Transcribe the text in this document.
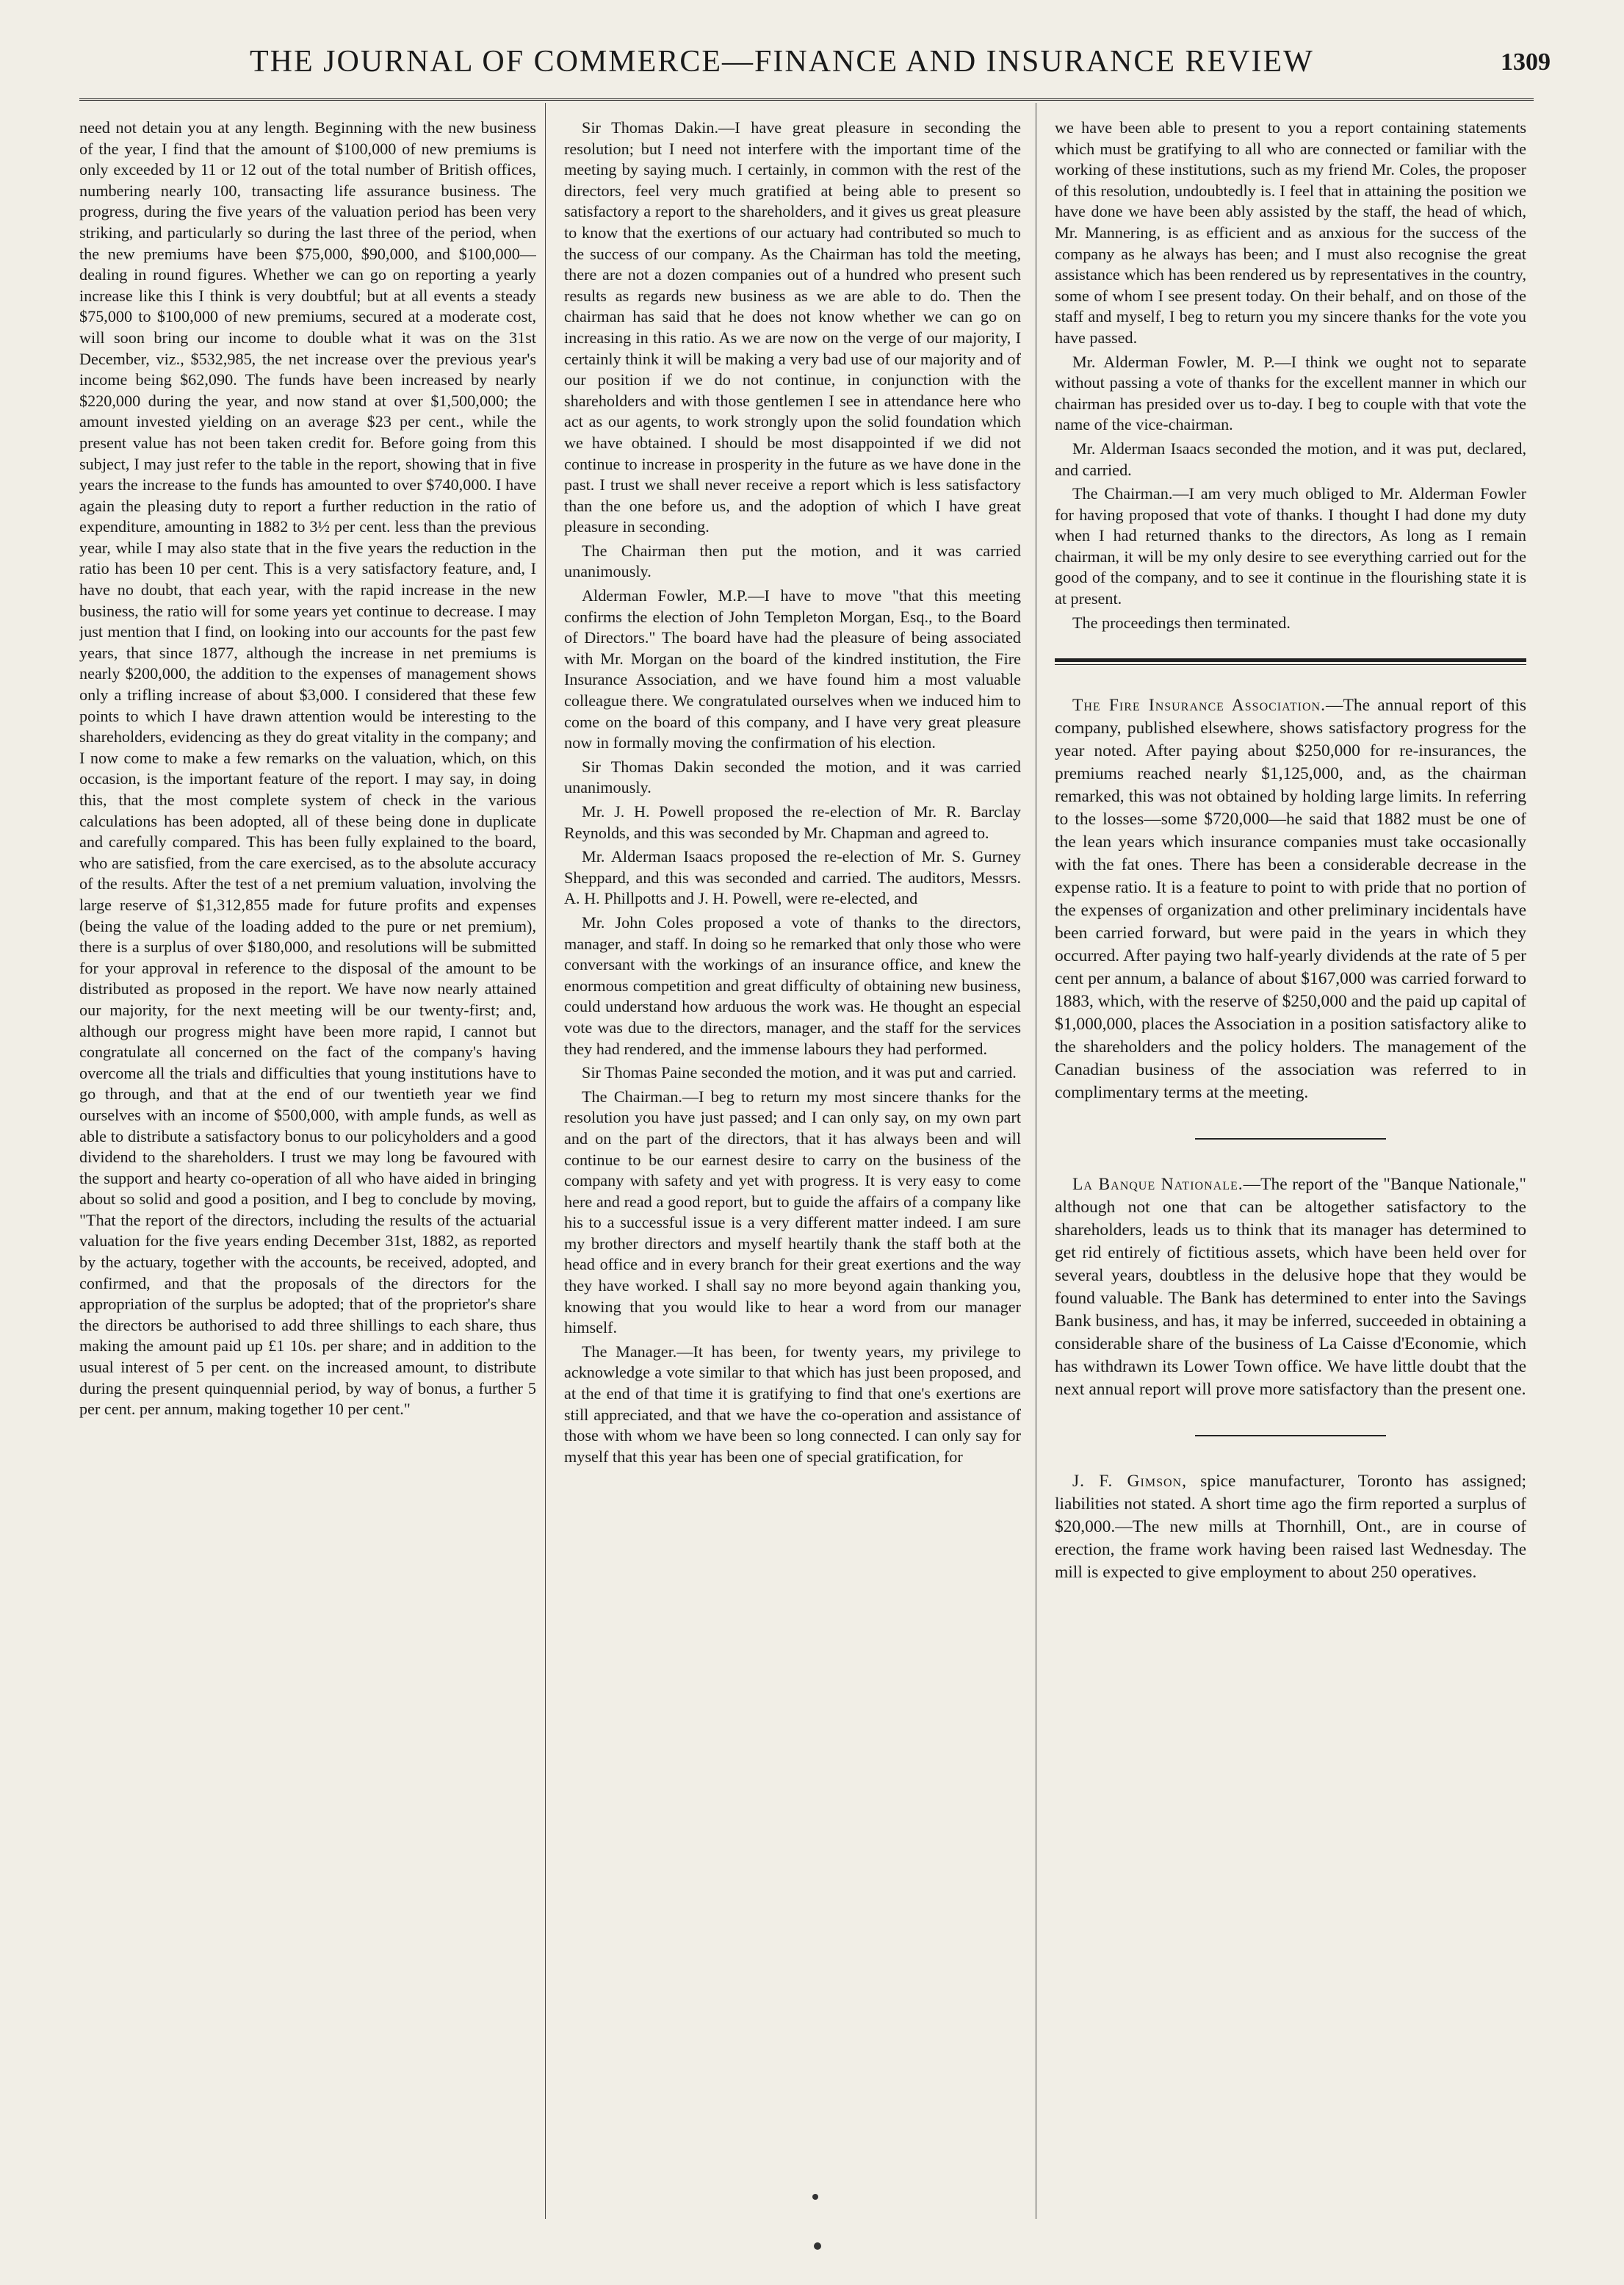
THE JOURNAL OF COMMERCE—FINANCE AND INSURANCE REVIEW	1309

need not detain you at any length. Beginning with the new business of the year, I find that the amount of $100,000 of new premiums is only exceeded by 11 or 12 out of the total number of British offices, numbering nearly 100, transacting life assurance business. The progress, during the five years of the valuation period has been very striking, and particularly so during the last three of the period, when the new premiums have been $75,000, $90,000, and $100,000—dealing in round figures. Whether we can go on reporting a yearly increase like this I think is very doubtful; but at all events a steady $75,000 to $100,000 of new premiums, secured at a moderate cost, will soon bring our income to double what it was on the 31st December, viz., $532,985, the net increase over the previous year's income being $62,090. The funds have been increased by nearly $220,000 during the year, and now stand at over $1,500,000; the amount invested yielding on an average $23 per cent., while the present value has not been taken credit for. Before going from this subject, I may just refer to the table in the report, showing that in five years the increase to the funds has amounted to over $740,000. I have again the pleasing duty to report a further reduction in the ratio of expenditure, amounting in 1882 to 3½ per cent. less than the previous year, while I may also state that in the five years the reduction in the ratio has been 10 per cent. This is a very satisfactory feature, and, I have no doubt, that each year, with the rapid increase in the new business, the ratio will for some years yet continue to decrease. I may just mention that I find, on looking into our accounts for the past few years, that since 1877, although the increase in net premiums is nearly $200,000, the addition to the expenses of management shows only a trifling increase of about $3,000. I considered that these few points to which I have drawn attention would be interesting to the shareholders, evidencing as they do great vitality in the company; and I now come to make a few remarks on the valuation, which, on this occasion, is the important feature of the report. I may say, in doing this, that the most complete system of check in the various calculations has been adopted, all of these being done in duplicate and carefully compared. This has been fully explained to the board, who are satisfied, from the care exercised, as to the absolute accuracy of the results. After the test of a net premium valuation, involving the large reserve of $1,312,855 made for future profits and expenses (being the value of the loading added to the pure or net premium), there is a surplus of over $180,000, and resolutions will be submitted for your approval in reference to the disposal of the amount to be distributed as proposed in the report. We have now nearly attained our majority, for the next meeting will be our twenty-first; and, although our progress might have been more rapid, I cannot but congratulate all concerned on the fact of the company's having overcome all the trials and difficulties that young institutions have to go through, and that at the end of our twentieth year we find ourselves with an income of $500,000, with ample funds, as well as able to distribute a satisfactory bonus to our policyholders and a good dividend to the shareholders. I trust we may long be favoured with the support and hearty co-operation of all who have aided in bringing about so solid and good a position, and I beg to conclude by moving, "That the report of the directors, including the results of the actuarial valuation for the five years ending December 31st, 1882, as reported by the actuary, together with the accounts, be received, adopted, and confirmed, and that the proposals of the directors for the appropriation of the surplus be adopted; that of the proprietor's share the directors be authorised to add three shillings to each share, thus making the amount paid up £1 10s. per share; and in addition to the usual interest of 5 per cent. on the increased amount, to distribute during the present quinquennial period, by way of bonus, a further 5 per cent. per annum, making together 10 per cent."

Sir Thomas Dakin.—I have great pleasure in seconding the resolution; but I need not interfere with the important time of the meeting by saying much. I certainly, in common with the rest of the directors, feel very much gratified at being able to present so satisfactory a report to the shareholders, and it gives us great pleasure to know that the exertions of our actuary had contributed so much to the success of our company. As the Chairman has told the meeting, there are not a dozen companies out of a hundred who present such results as regards new business as we are able to do. Then the chairman has said that he does not know whether we can go on increasing in this ratio. As we are now on the verge of our majority, I certainly think it will be making a very bad use of our majority and of our position if we do not continue, in conjunction with the shareholders and with those gentlemen I see in attendance here who act as our agents, to work strongly upon the solid foundation which we have obtained. I should be most disappointed if we did not continue to increase in prosperity in the future as we have done in the past. I trust we shall never receive a report which is less satisfactory than the one before us, and the adoption of which I have great pleasure in seconding.

The Chairman then put the motion, and it was carried unanimously.

Alderman Fowler, M.P.—I have to move "that this meeting confirms the election of John Templeton Morgan, Esq., to the Board of Directors." The board have had the pleasure of being associated with Mr. Morgan on the board of the kindred institution, the Fire Insurance Association, and we have found him a most valuable colleague there. We congratulated ourselves when we induced him to come on the board of this company, and I have very great pleasure now in formally moving the confirmation of his election.

Sir Thomas Dakin seconded the motion, and it was carried unanimously.

Mr. J. H. Powell proposed the re-election of Mr. R. Barclay Reynolds, and this was seconded by Mr. Chapman and agreed to.

Mr. Alderman Isaacs proposed the re-election of Mr. S. Gurney Sheppard, and this was seconded and carried. The auditors, Messrs. A. H. Phillpotts and J. H. Powell, were re-elected, and

Mr. John Coles proposed a vote of thanks to the directors, manager, and staff. In doing so he remarked that only those who were conversant with the workings of an insurance office, and knew the enormous competition and great difficulty of obtaining new business, could understand how arduous the work was. He thought an especial vote was due to the directors, manager, and the staff for the services they had rendered, and the immense labours they had performed.

Sir Thomas Paine seconded the motion, and it was put and carried.

The Chairman.—I beg to return my most sincere thanks for the resolution you have just passed; and I can only say, on my own part and on the part of the directors, that it has always been and will continue to be our earnest desire to carry on the business of the company with safety and yet with progress. It is very easy to come here and read a good report, but to guide the affairs of a company like his to a successful issue is a very different matter indeed. I am sure my brother directors and myself heartily thank the staff both at the head office and in every branch for their great exertions and the way they have worked. I shall say no more beyond again thanking you, knowing that you would like to hear a word from our manager himself.

The Manager.—It has been, for twenty years, my privilege to acknowledge a vote similar to that which has just been proposed, and at the end of that time it is gratifying to find that one's exertions are still appreciated, and that we have the co-operation and assistance of those with whom we have been so long connected. I can only say for myself that this year has been one of special gratification, for

we have been able to present to you a report containing statements which must be gratifying to all who are connected or familiar with the working of these institutions, such as my friend Mr. Coles, the proposer of this resolution, undoubtedly is. I feel that in attaining the position we have done we have been ably assisted by the staff, the head of which, Mr. Mannering, is as efficient and as anxious for the success of the company as he always has been; and I must also recognise the great assistance which has been rendered us by representatives in the country, some of whom I see present today. On their behalf, and on those of the staff and myself, I beg to return you my sincere thanks for the vote you have passed.

Mr. Alderman Fowler, M. P.—I think we ought not to separate without passing a vote of thanks for the excellent manner in which our chairman has presided over us to-day. I beg to couple with that vote the name of the vice-chairman.

Mr. Alderman Isaacs seconded the motion, and it was put, declared, and carried.

The Chairman.—I am very much obliged to Mr. Alderman Fowler for having proposed that vote of thanks. I thought I had done my duty when I had returned thanks to the directors, As long as I remain chairman, it will be my only desire to see everything carried out for the good of the company, and to see it continue in the flourishing state it is at present.

The proceedings then terminated.

The Fire Insurance Association.—The annual report of this company, published elsewhere, shows satisfactory progress for the year noted. After paying about $250,000 for re-insurances, the premiums reached nearly $1,125,000, and, as the chairman remarked, this was not obtained by holding large limits. In referring to the losses—some $720,000—he said that 1882 must be one of the lean years which insurance companies must take occasionally with the fat ones. There has been a considerable decrease in the expense ratio. It is a feature to point to with pride that no portion of the expenses of organization and other preliminary incidentals have been carried forward, but were paid in the years in which they occurred. After paying two half-yearly dividends at the rate of 5 per cent per annum, a balance of about $167,000 was carried forward to 1883, which, with the reserve of $250,000 and the paid up capital of $1,000,000, places the Association in a position satisfactory alike to the shareholders and the policy holders. The management of the Canadian business of the association was referred to in complimentary terms at the meeting.

La Banque Nationale.—The report of the "Banque Nationale," although not one that can be altogether satisfactory to the shareholders, leads us to think that its manager has determined to get rid entirely of fictitious assets, which have been held over for several years, doubtless in the delusive hope that they would be found valuable. The Bank has determined to enter into the Savings Bank business, and has, it may be inferred, succeeded in obtaining a considerable share of the business of La Caisse d'Economie, which has withdrawn its Lower Town office. We have little doubt that the next annual report will prove more satisfactory than the present one.

J. F. Gimson, spice manufacturer, Toronto has assigned; liabilities not stated. A short time ago the firm reported a surplus of $20,000.—The new mills at Thornhill, Ont., are in course of erection, the frame work having been raised last Wednesday. The mill is expected to give employment to about 250 operatives.
